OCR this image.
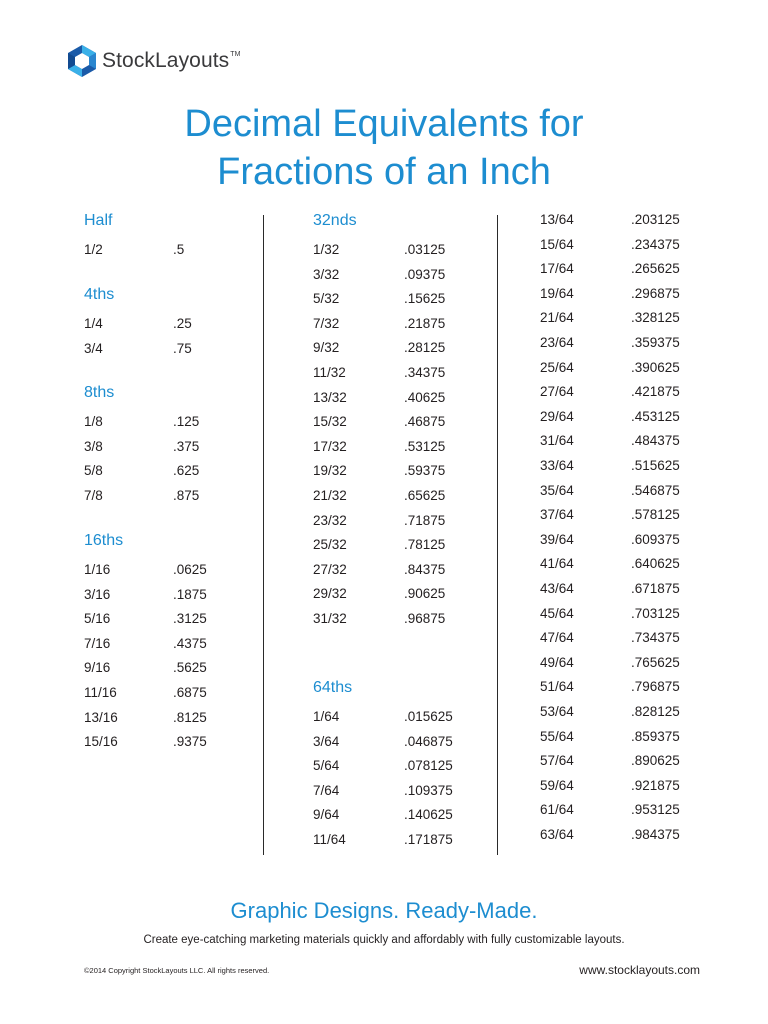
StockLayouts™
Decimal Equivalents for
Fractions of an Inch
Half
1/2	.5
4ths
1/4	.25
3/4	.75
8ths
1/8	.125
3/8	.375
5/8	.625
7/8	.875
16ths
1/16	.0625
3/16	.1875
5/16	.3125
7/16	.4375
9/16	.5625
11/16	.6875
13/16	.8125
15/16	.9375
32nds
1/32	.03125
3/32	.09375
5/32	.15625
7/32	.21875
9/32	.28125
11/32	.34375
13/32	.40625
15/32	.46875
17/32	.53125
19/32	.59375
21/32	.65625
23/32	.71875
25/32	.78125
27/32	.84375
29/32	.90625
31/32	.96875
64ths
1/64	.015625
3/64	.046875
5/64	.078125
7/64	.109375
9/64	.140625
11/64	.171875
13/64	.203125
15/64	.234375
17/64	.265625
19/64	.296875
21/64	.328125
23/64	.359375
25/64	.390625
27/64	.421875
29/64	.453125
31/64	.484375
33/64	.515625
35/64	.546875
37/64	.578125
39/64	.609375
41/64	.640625
43/64	.671875
45/64	.703125
47/64	.734375
49/64	.765625
51/64	.796875
53/64	.828125
55/64	.859375
57/64	.890625
59/64	.921875
61/64	.953125
63/64	.984375
Graphic Designs. Ready-Made.
Create eye-catching marketing materials quickly and affordably with fully customizable layouts.
©2014 Copyright StockLayouts LLC. All rights reserved.	www.stocklayouts.com
